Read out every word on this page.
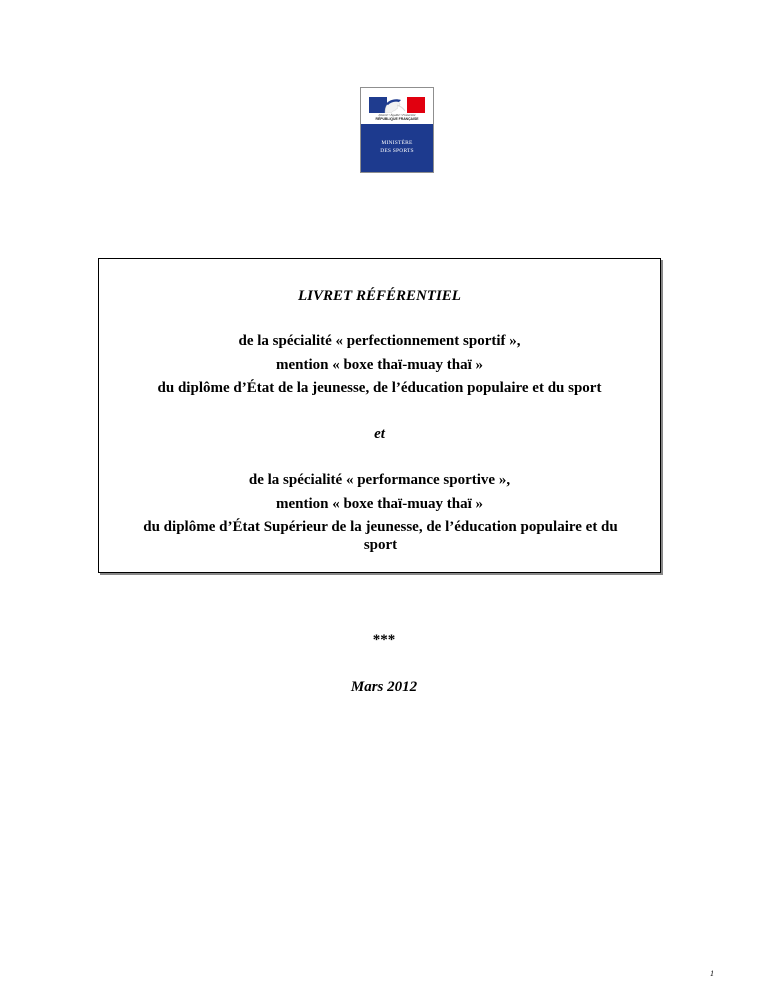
Liberté • Égalité • Fraternité
RÉPUBLIQUE FRANÇAISE
MINISTÈRE
DES SPORTS
LIVRET RÉFÉRENTIEL
de la spécialité « perfectionnement sportif »,
mention « boxe thaï-muay thaï »
du diplôme d’État de la jeunesse, de l’éducation populaire et du sport
et
de la spécialité « performance sportive »,
mention « boxe thaï-muay thaï »
du diplôme d’État Supérieur de la jeunesse, de l’éducation populaire et du sport
***
Mars 2012
1
